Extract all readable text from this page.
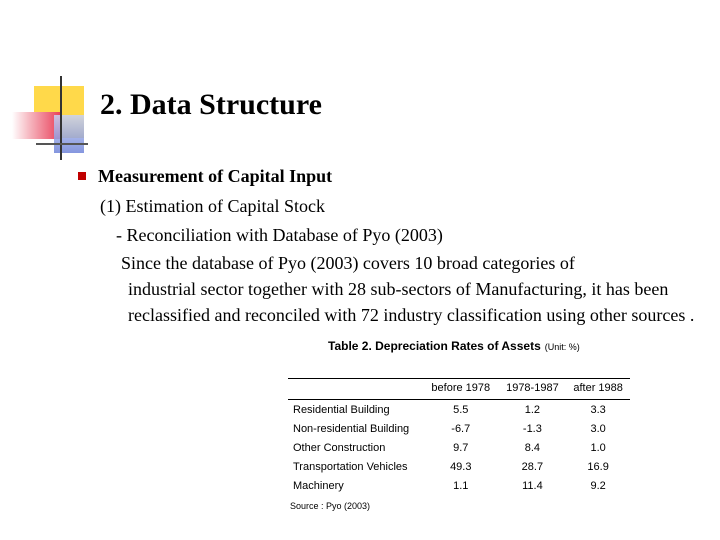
2. Data Structure
Measurement of Capital Input
(1) Estimation of Capital Stock
- Reconciliation with Database of Pyo (2003)
Since the database of Pyo (2003) covers 10 broad categories of
industrial sector together with 28 sub-sectors of Manufacturing, it has been reclassified and reconciled with 72 industry classification using other sources .
Table 2. Depreciation Rates of Assets (Unit: %)
	before 1978	1978-1987	after 1988
Residential Building	5.5	1.2	3.3
Non-residential Building	-6.7	-1.3	3.0
Other Construction	9.7	8.4	1.0
Transportation Vehicles	49.3	28.7	16.9
Machinery	1.1	11.4	9.2
Source : Pyo (2003)
